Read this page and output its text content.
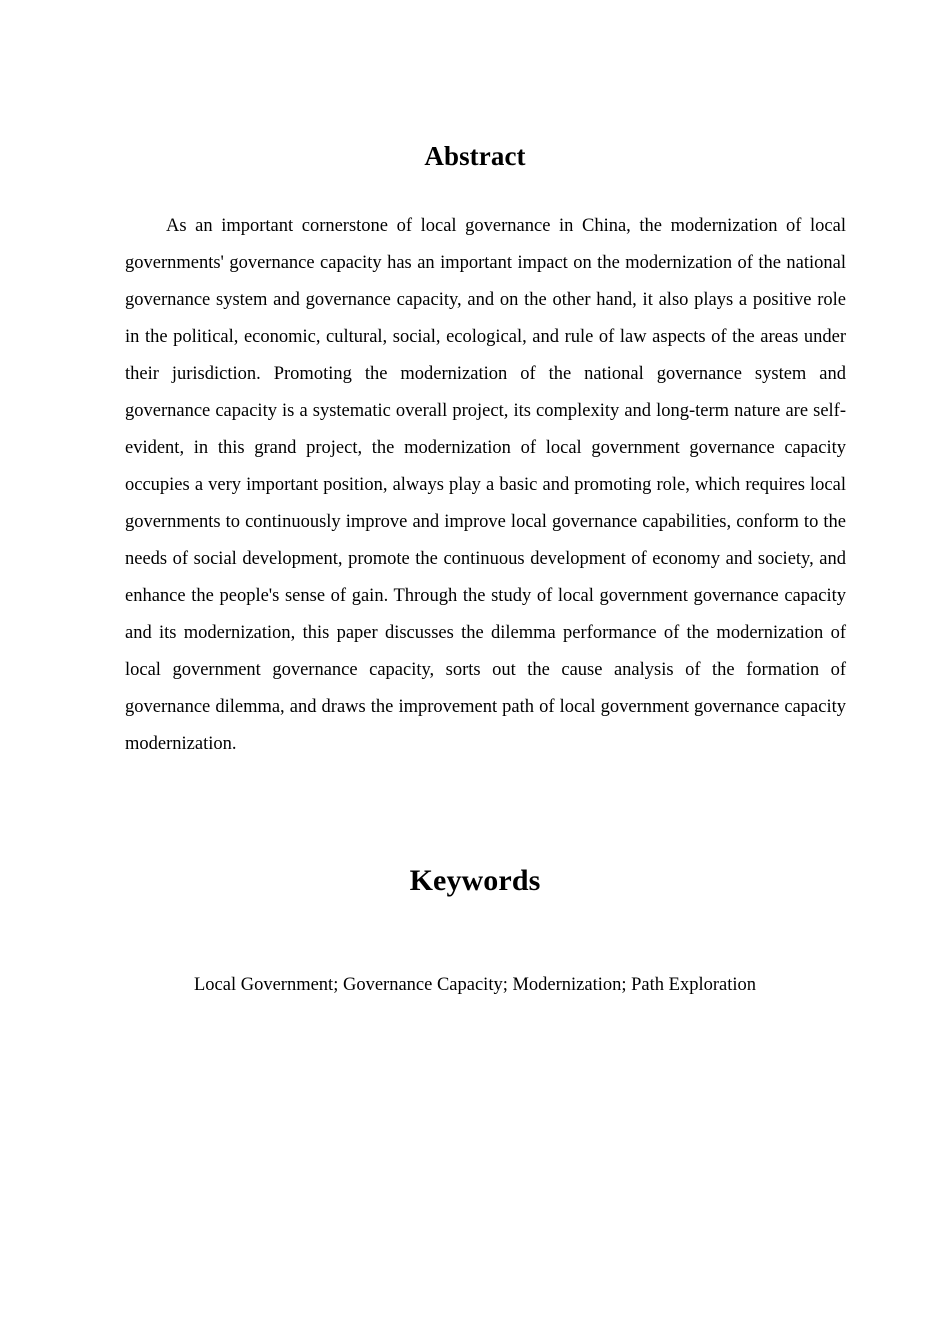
Abstract

As an important cornerstone of local governance in China, the modernization of local governments' governance capacity has an important impact on the modernization of the national governance system and governance capacity, and on the other hand, it also plays a positive role in the political, economic, cultural, social, ecological, and rule of law aspects of the areas under their jurisdiction. Promoting the modernization of the national governance system and governance capacity is a systematic overall project, its complexity and long-term nature are self-evident, in this grand project, the modernization of local government governance capacity occupies a very important position, always play a basic and promoting role, which requires local governments to continuously improve and improve local governance capabilities, conform to the needs of social development, promote the continuous development of economy and society, and enhance the people's sense of gain. Through the study of local government governance capacity and its modernization, this paper discusses the dilemma performance of the modernization of local government governance capacity, sorts out the cause analysis of the formation of governance dilemma, and draws the improvement path of local government governance capacity modernization.

Keywords
Local Government; Governance Capacity; Modernization; Path Exploration
